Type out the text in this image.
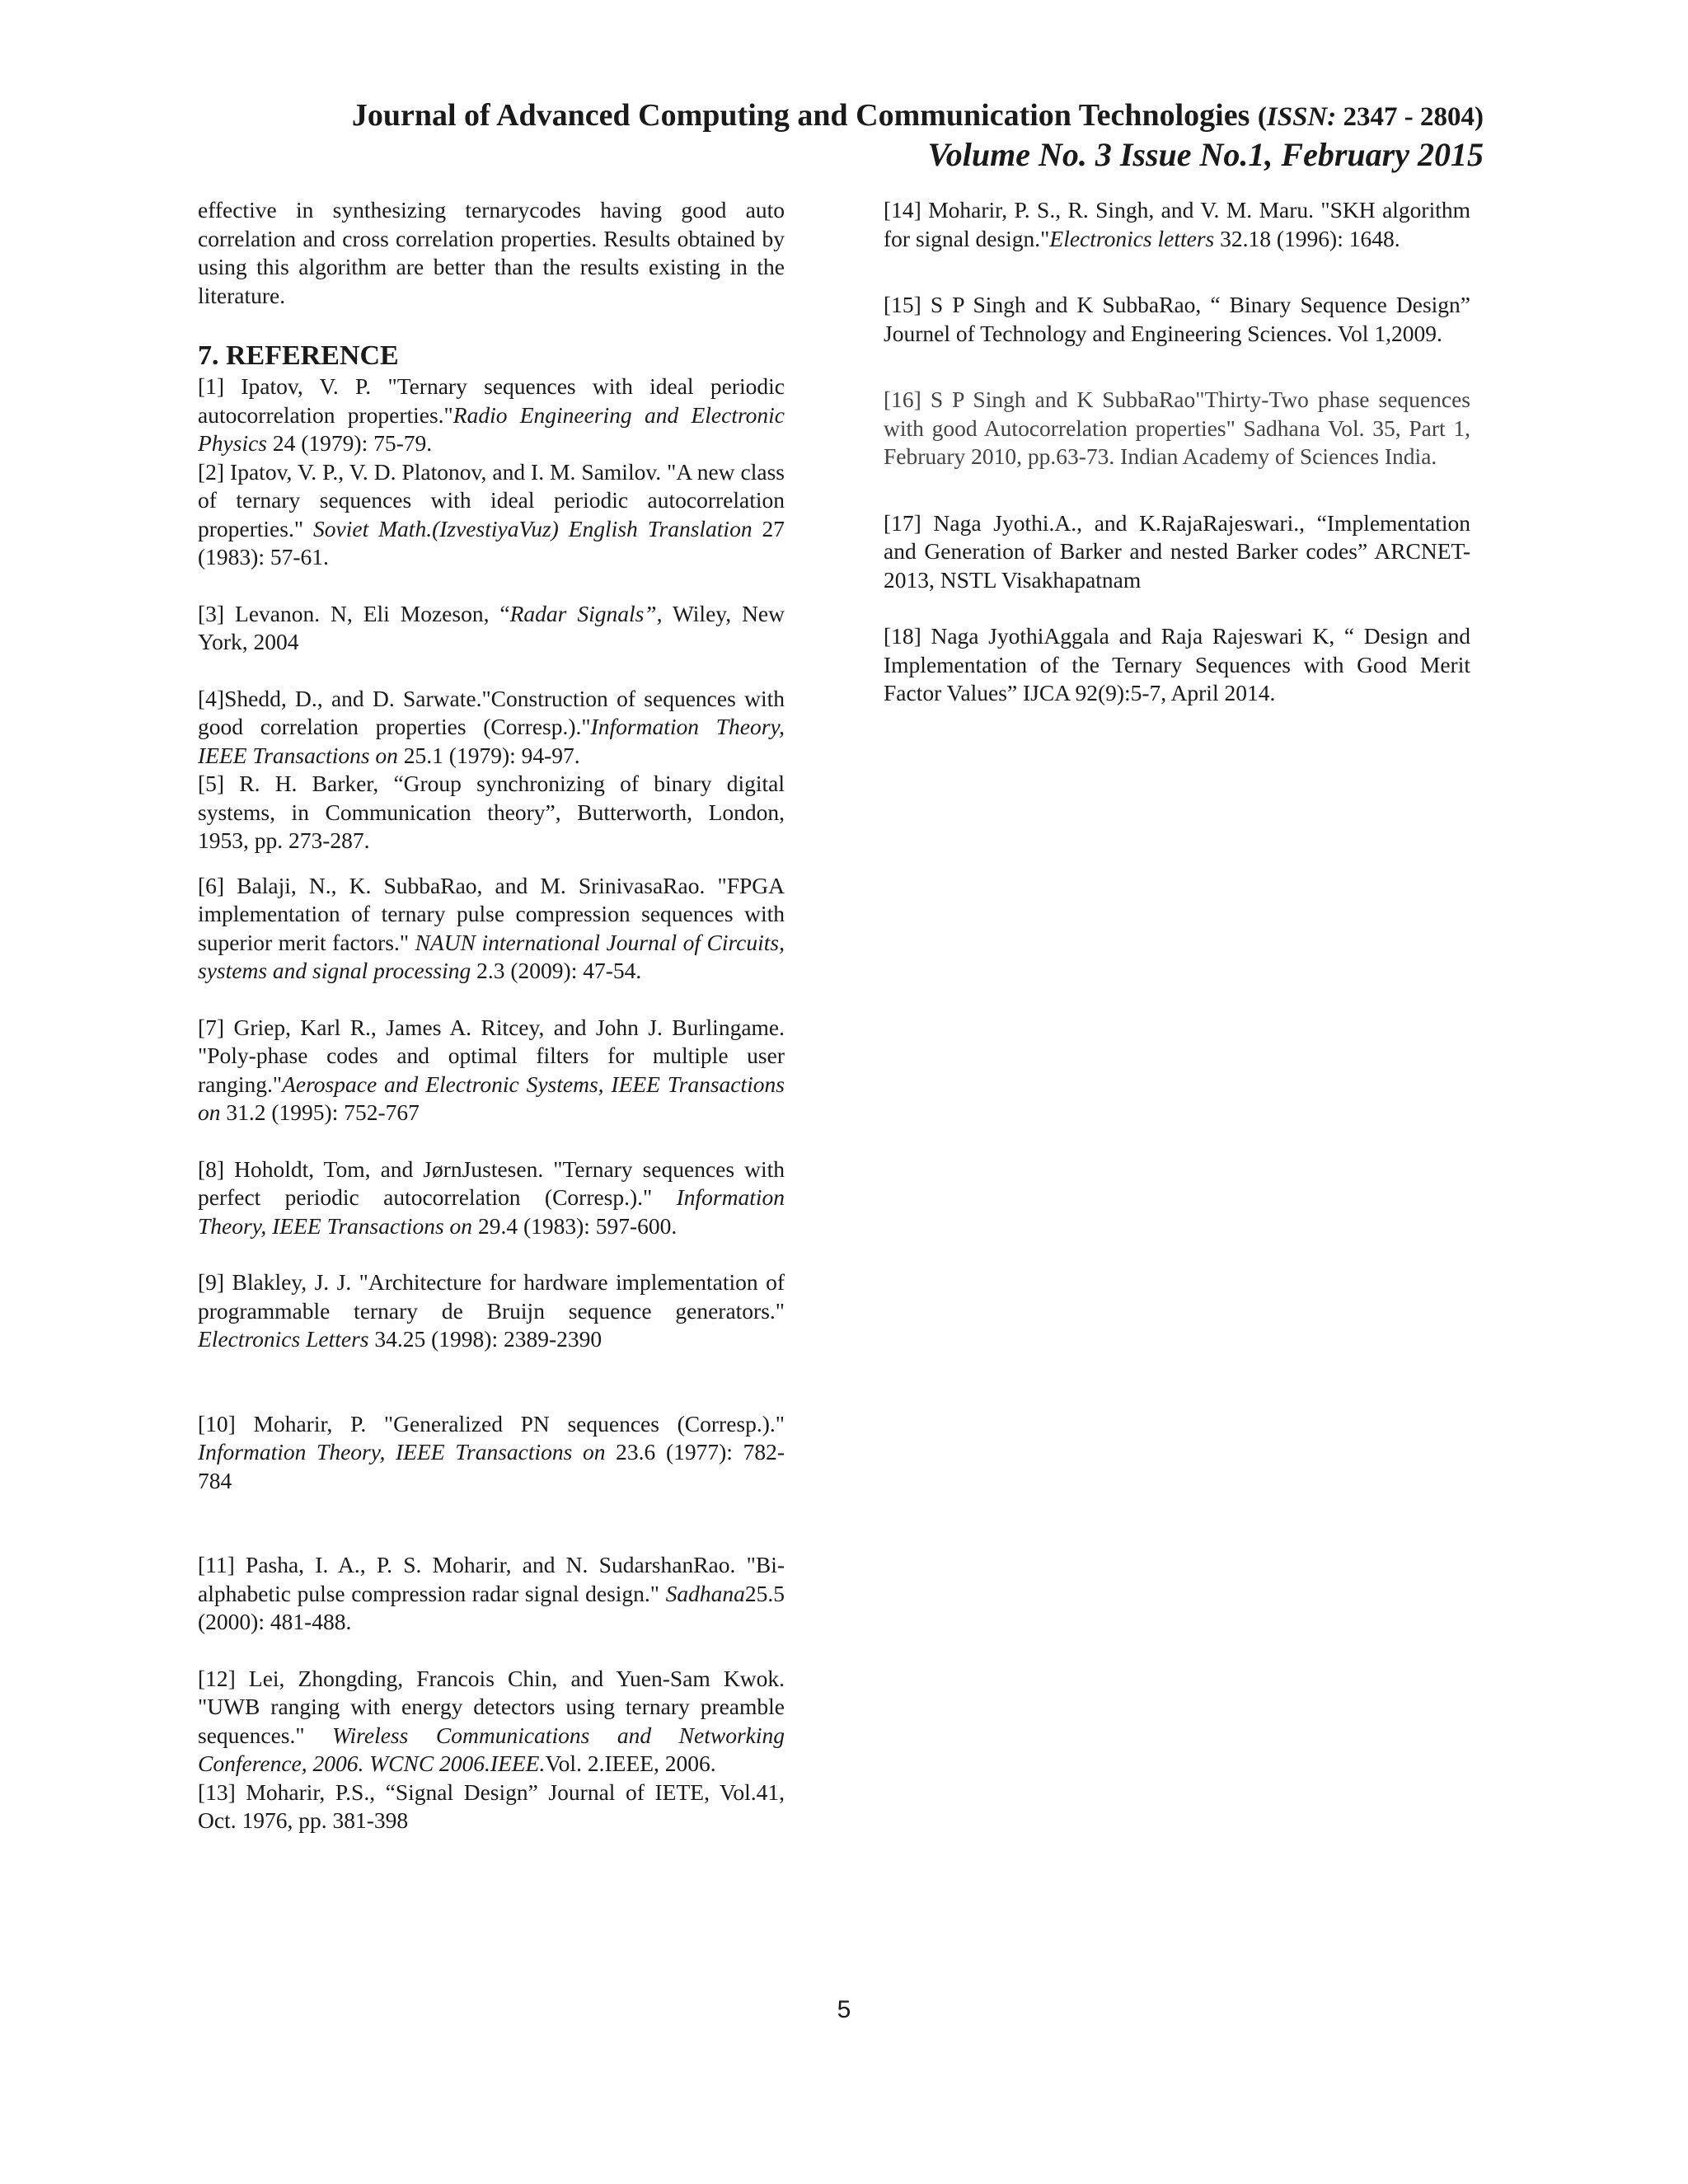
Journal of Advanced Computing and Communication Technologies (ISSN: 2347 - 2804)
Volume No. 3 Issue No.1, February 2015

effective in synthesizing ternarycodes having good auto correlation and cross correlation properties. Results obtained by using this algorithm are better than the results existing in the literature.

7. REFERENCE

[1] Ipatov, V. P. "Ternary sequences with ideal periodic autocorrelation properties."Radio Engineering and Electronic Physics 24 (1979): 75-79.

[2] Ipatov, V. P., V. D. Platonov, and I. M. Samilov. "A new class of ternary sequences with ideal periodic autocorrelation properties." Soviet Math.(IzvestiyaVuz) English Translation 27 (1983): 57-61.

[3] Levanon. N, Eli Mozeson, “Radar Signals”, Wiley, New York, 2004

[4]Shedd, D., and D. Sarwate."Construction of sequences with good correlation properties (Corresp.)."Information Theory, IEEE Transactions on 25.1 (1979): 94-97.

[5] R. H. Barker, “Group synchronizing of binary digital systems, in Communication theory”, Butterworth, London, 1953, pp. 273-287.

[6] Balaji, N., K. SubbaRao, and M. SrinivasaRao. "FPGA implementation of ternary pulse compression sequences with superior merit factors." NAUN international Journal of Circuits, systems and signal processing 2.3 (2009): 47-54.

[7] Griep, Karl R., James A. Ritcey, and John J. Burlingame. "Poly-phase codes and optimal filters for multiple user ranging."Aerospace and Electronic Systems, IEEE Transactions on 31.2 (1995): 752-767

[8] Hoholdt, Tom, and JørnJustesen. "Ternary sequences with perfect periodic autocorrelation (Corresp.)." Information Theory, IEEE Transactions on 29.4 (1983): 597-600.

[9] Blakley, J. J. "Architecture for hardware implementation of programmable ternary de Bruijn sequence generators." Electronics Letters 34.25 (1998): 2389-2390

[10] Moharir, P. "Generalized PN sequences (Corresp.)." Information Theory, IEEE Transactions on 23.6 (1977): 782-784

[11] Pasha, I. A., P. S. Moharir, and N. SudarshanRao. "Bi-alphabetic pulse compression radar signal design." Sadhana25.5 (2000): 481-488.

[12] Lei, Zhongding, Francois Chin, and Yuen-Sam Kwok. "UWB ranging with energy detectors using ternary preamble sequences." Wireless Communications and Networking Conference, 2006. WCNC 2006.IEEE.Vol. 2.IEEE, 2006.

[13] Moharir, P.S., “Signal Design” Journal of IETE, Vol.41, Oct. 1976, pp. 381-398

[14] Moharir, P. S., R. Singh, and V. M. Maru. "SKH algorithm for signal design."Electronics letters 32.18 (1996): 1648.

[15] S P Singh and K SubbaRao, “ Binary Sequence Design” Journel of Technology and Engineering Sciences. Vol 1,2009.

[16] S P Singh and K SubbaRao"Thirty-Two phase sequences with good Autocorrelation properties" Sadhana Vol. 35, Part 1, February 2010, pp.63-73. Indian Academy of Sciences India.

[17] Naga Jyothi.A., and K.RajaRajeswari., “Implementation and Generation of Barker and nested Barker codes” ARCNET-2013, NSTL Visakhapatnam

[18] Naga JyothiAggala and Raja Rajeswari K, “ Design and Implementation of the Ternary Sequences with Good Merit Factor Values” IJCA 92(9):5-7, April 2014.

5
